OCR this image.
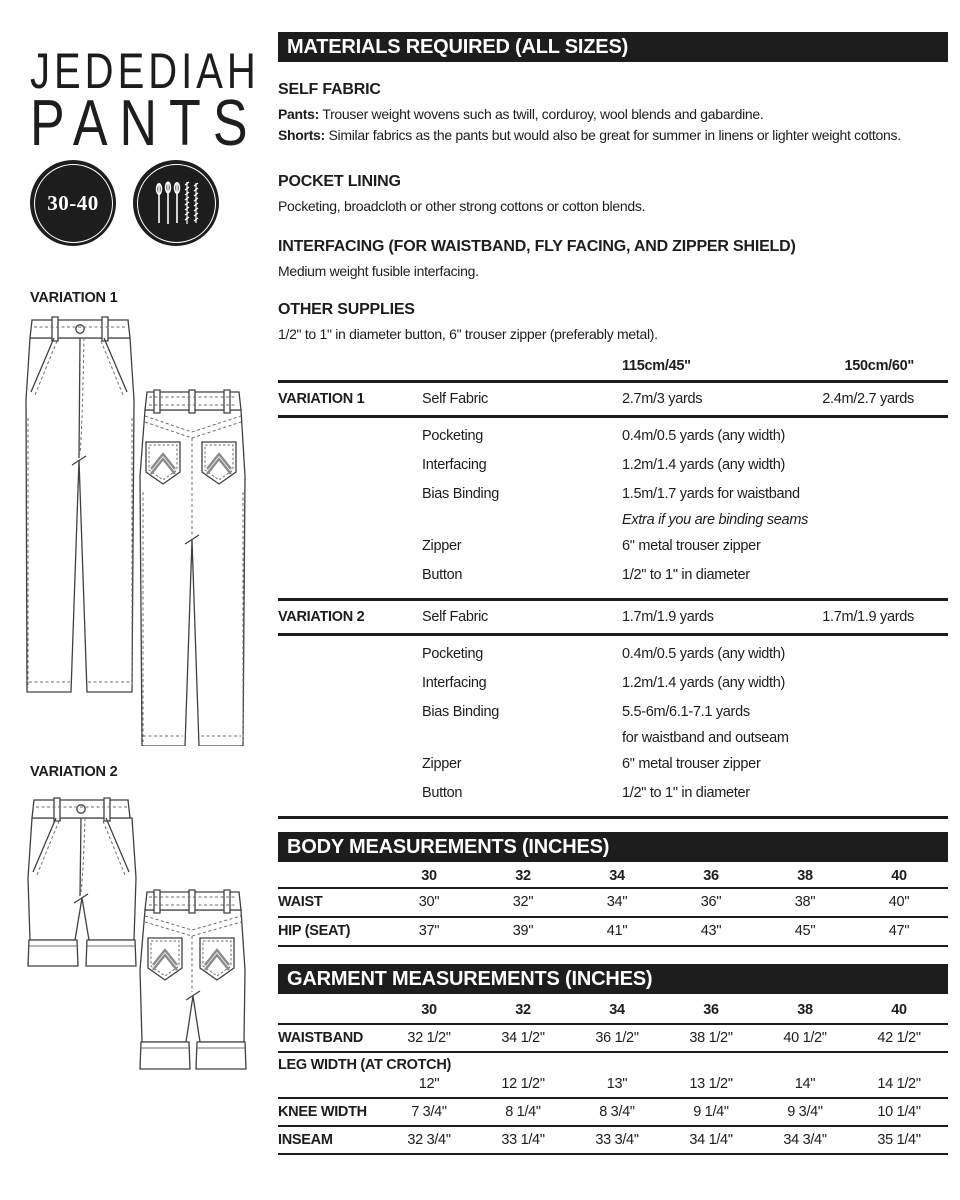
JEDEDIAH
PANTS
30-40
VARIATION 1
VARIATION 2
MATERIALS REQUIRED (ALL SIZES)
SELF FABRIC

Pants: Trouser weight wovens such as twill, corduroy, wool blends and gabardine.
Shorts: Similar fabrics as the pants but would also be great for summer in linens or lighter weight cottons.

POCKET LINING

Pocketing, broadcloth or other strong cottons or cotton blends.

INTERFACING (FOR WAISTBAND, FLY FACING, AND ZIPPER SHIELD)

Medium weight fusible interfacing.

OTHER SUPPLIES

1/2" to 1" in diameter button, 6" trouser zipper (preferably metal).

115cm/45"	150cm/60"
VARIATION 1	Self Fabric	2.7m/3 yards	2.4m/2.7 yards
Pocketing	0.4m/0.5 yards (any width)
Interfacing	1.2m/1.4 yards (any width)
Bias Binding	1.5m/1.7 yards for waistband
Extra if you are binding seams
Zipper	6" metal trouser zipper
Button	1/2" to 1" in diameter
VARIATION 2	Self Fabric	1.7m/1.9 yards	1.7m/1.9 yards
Pocketing	0.4m/0.5 yards (any width)
Interfacing	1.2m/1.4 yards (any width)
Bias Binding	5.5-6m/6.1-7.1 yards
for waistband and outseam
Zipper	6" metal trouser zipper
Button	1/2" to 1" in diameter
BODY MEASUREMENTS (INCHES)
30	32	34	36	38	40
WAIST	30"	32"	34"	36"	38"	40"
HIP (SEAT)	37"	39"	41"	43"	45"	47"
GARMENT MEASUREMENTS (INCHES)
30	32	34	36	38	40
WAISTBAND	32 1/2"	34 1/2"	36 1/2"	38 1/2"	40 1/2"	42 1/2"
LEG WIDTH (AT CROTCH)
12"	12 1/2"	13"	13 1/2"	14"	14 1/2"
KNEE WIDTH	7 3/4"	8 1/4"	8 3/4"	9 1/4"	9 3/4"	10 1/4"
INSEAM	32 3/4"	33 1/4"	33 3/4"	34 1/4"	34 3/4"	35 1/4"
